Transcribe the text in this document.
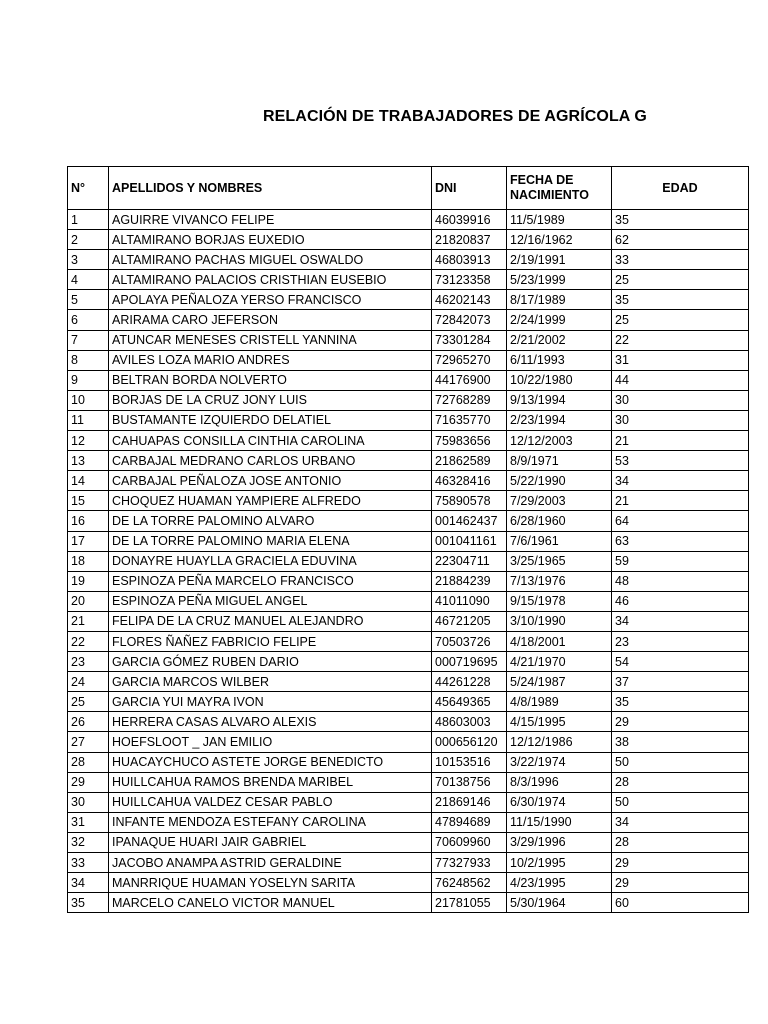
RELACIÓN DE TRABAJADORES DE AGRÍCOLA G
N°	APELLIDOS Y NOMBRES	DNI	FECHA DE NACIMIENTO	EDAD
1	AGUIRRE VIVANCO FELIPE	46039916	11/5/1989	35
2	ALTAMIRANO BORJAS EUXEDIO	21820837	12/16/1962	62
3	ALTAMIRANO PACHAS MIGUEL OSWALDO	46803913	2/19/1991	33
4	ALTAMIRANO PALACIOS CRISTHIAN EUSEBIO	73123358	5/23/1999	25
5	APOLAYA PEÑALOZA YERSO FRANCISCO	46202143	8/17/1989	35
6	ARIRAMA CARO JEFERSON	72842073	2/24/1999	25
7	ATUNCAR MENESES CRISTELL YANNINA	73301284	2/21/2002	22
8	AVILES LOZA MARIO ANDRES	72965270	6/11/1993	31
9	BELTRAN BORDA NOLVERTO	44176900	10/22/1980	44
10	BORJAS DE LA CRUZ JONY LUIS	72768289	9/13/1994	30
11	BUSTAMANTE IZQUIERDO DELATIEL	71635770	2/23/1994	30
12	CAHUAPAS CONSILLA CINTHIA CAROLINA	75983656	12/12/2003	21
13	CARBAJAL MEDRANO CARLOS URBANO	21862589	8/9/1971	53
14	CARBAJAL PEÑALOZA JOSE ANTONIO	46328416	5/22/1990	34
15	CHOQUEZ HUAMAN YAMPIERE ALFREDO	75890578	7/29/2003	21
16	DE LA TORRE PALOMINO ALVARO	001462437	6/28/1960	64
17	DE LA TORRE PALOMINO MARIA ELENA	001041161	7/6/1961	63
18	DONAYRE HUAYLLA GRACIELA EDUVINA	22304711	3/25/1965	59
19	ESPINOZA PEÑA MARCELO FRANCISCO	21884239	7/13/1976	48
20	ESPINOZA PEÑA MIGUEL ANGEL	41011090	9/15/1978	46
21	FELIPA DE LA CRUZ MANUEL ALEJANDRO	46721205	3/10/1990	34
22	FLORES ÑAÑEZ FABRICIO FELIPE	70503726	4/18/2001	23
23	GARCIA GÓMEZ RUBEN DARIO	000719695	4/21/1970	54
24	GARCIA MARCOS WILBER	44261228	5/24/1987	37
25	GARCIA YUI MAYRA IVON	45649365	4/8/1989	35
26	HERRERA CASAS ALVARO ALEXIS	48603003	4/15/1995	29
27	HOEFSLOOT _ JAN EMILIO	000656120	12/12/1986	38
28	HUACAYCHUCO ASTETE JORGE BENEDICTO	10153516	3/22/1974	50
29	HUILLCAHUA RAMOS BRENDA MARIBEL	70138756	8/3/1996	28
30	HUILLCAHUA VALDEZ CESAR PABLO	21869146	6/30/1974	50
31	INFANTE MENDOZA ESTEFANY CAROLINA	47894689	11/15/1990	34
32	IPANAQUE HUARI JAIR GABRIEL	70609960	3/29/1996	28
33	JACOBO ANAMPA ASTRID GERALDINE	77327933	10/2/1995	29
34	MANRRIQUE HUAMAN YOSELYN SARITA	76248562	4/23/1995	29
35	MARCELO CANELO VICTOR MANUEL	21781055	5/30/1964	60
